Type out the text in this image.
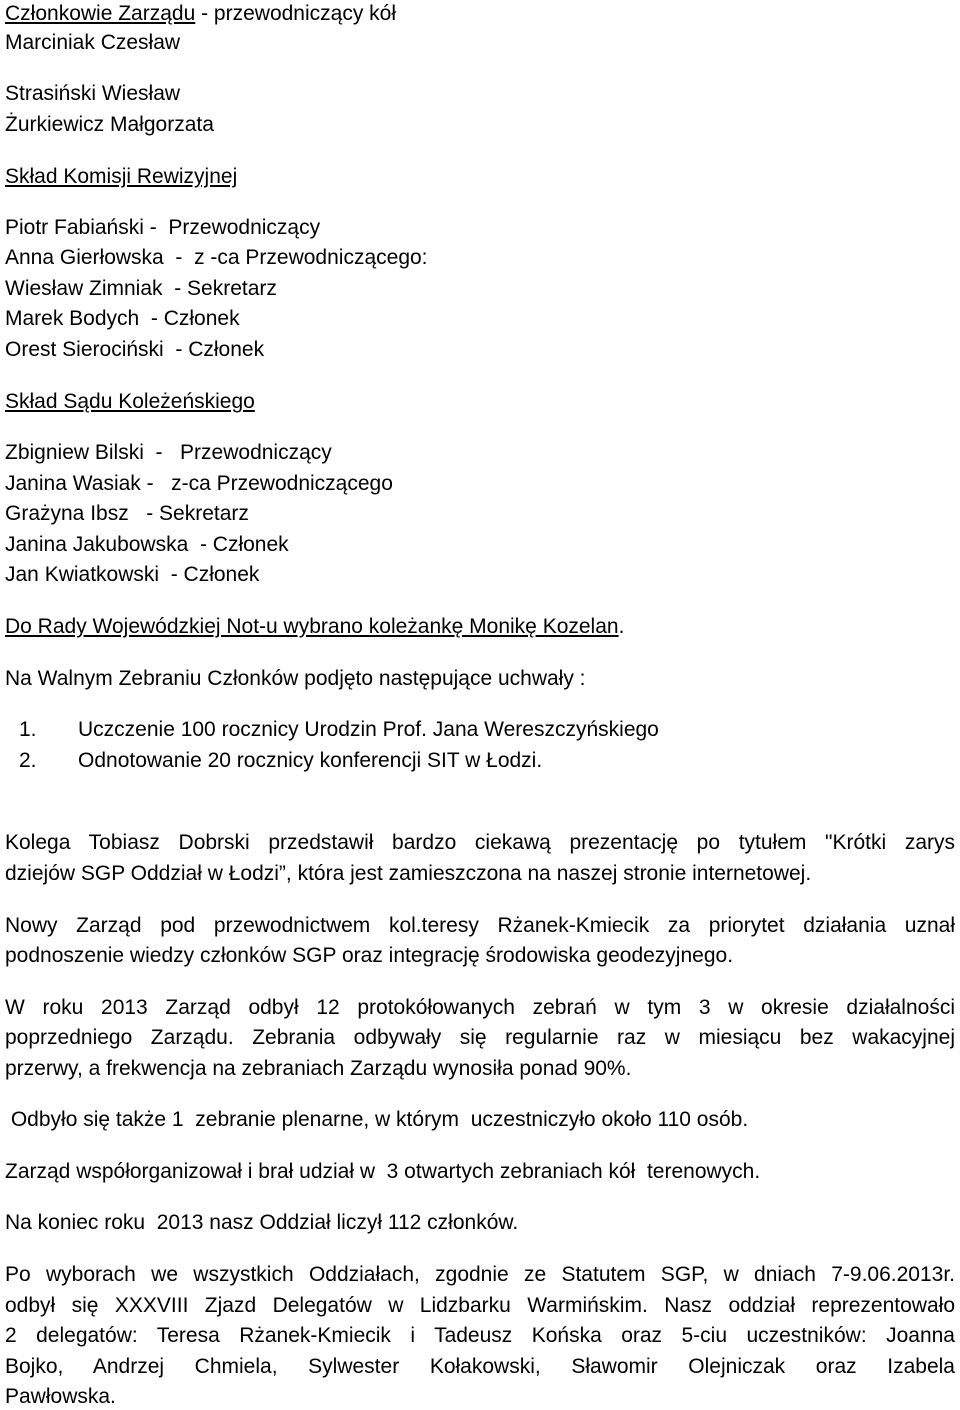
Członkowie Zarządu - przewodniczący kół
Marciniak Czesław
Strasiński Wiesław
Żurkiewicz Małgorzata
Skład Komisji Rewizyjnej
Piotr Fabiański -  Przewodniczący
Anna Gierłowska  -  z -ca Przewodniczącego:
Wiesław Zimniak  - Sekretarz
Marek Bodych  - Członek
Orest Sierociński  - Członek
Skład Sądu Koleżeńskiego
Zbigniew Bilski  -   Przewodniczący
Janina Wasiak -   z-ca Przewodniczącego
Grażyna Ibsz   - Sekretarz
Janina Jakubowska  - Członek
Jan Kwiatkowski  - Członek
Do Rady Wojewódzkiej Not-u wybrano koleżankę Monikę Kozelan.
Na Walnym Zebraniu Członków podjęto następujące uchwały :
1. Uczczenie 100 rocznicy Urodzin Prof. Jana Wereszczyńskiego
2. Odnotowanie 20 rocznicy konferencji SIT w Łodzi.
Kolega Tobiasz Dobrski przedstawił bardzo ciekawą prezentację po tytułem "Krótki zarys
dziejów SGP Oddział w Łodzi”, która jest zamieszczona na naszej stronie internetowej.
Nowy Zarząd pod przewodnictwem kol.teresy Rżanek-Kmiecik za priorytet działania uznał
podnoszenie wiedzy członków SGP oraz integrację środowiska geodezyjnego.
W roku 2013 Zarząd odbył 12 protokółowanych zebrań w tym 3 w okresie działalności
poprzedniego Zarządu. Zebrania odbywały się regularnie raz w miesiącu bez wakacyjnej
przerwy, a frekwencja na zebraniach Zarządu wynosiła ponad 90%.
Odbyło się także 1  zebranie plenarne, w którym  uczestniczyło około 110 osób.
Zarząd współorganizował i brał udział w  3 otwartych zebraniach kół  terenowych.
Na koniec roku  2013 nasz Oddział liczył 112 członków.
Po wyborach we wszystkich Oddziałach, zgodnie ze Statutem SGP, w dniach 7-9.06.2013r.
odbył się XXXVIII Zjazd Delegatów w Lidzbarku Warmińskim. Nasz oddział reprezentowało
2 delegatów: Teresa Rżanek-Kmiecik i Tadeusz Końska oraz 5-ciu uczestników: Joanna
Bojko, Andrzej Chmiela, Sylwester Kołakowski, Sławomir Olejniczak oraz Izabela
Pawłowska.
